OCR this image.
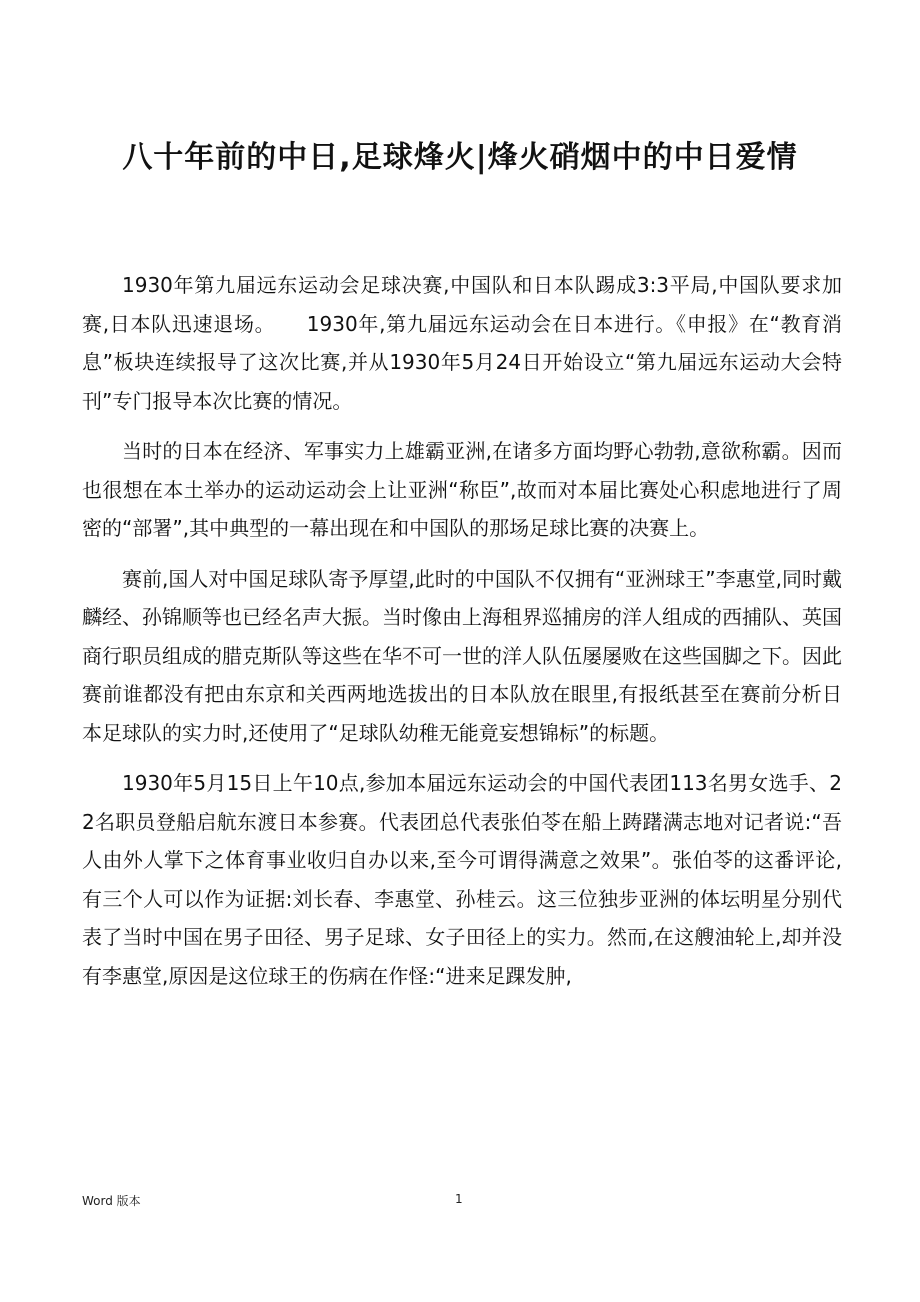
八十年前的中日,足球烽火|烽火硝烟中的中日爱情

1930年第九届远东运动会足球决赛,中国队和日本队踢成3:3平局,中国队要求加赛,日本队迅速退场。　　1930年,第九届远东运动会在日本进行。《申报》在“教育消息”板块连续报导了这次比赛,并从1930年5月24日开始设立“第九届远东运动大会特刊”专门报导本次比赛的情况。

当时的日本在经济、军事实力上雄霸亚洲,在诸多方面均野心勃勃,意欲称霸。因而也很想在本土举办的运动运动会上让亚洲“称臣”,故而对本届比赛处心积虑地进行了周密的“部署”,其中典型的一幕出现在和中国队的那场足球比赛的决赛上。

赛前,国人对中国足球队寄予厚望,此时的中国队不仅拥有“亚洲球王”李惠堂,同时戴麟经、孙锦顺等也已经名声大振。当时像由上海租界巡捕房的洋人组成的西捕队、英国商行职员组成的腊克斯队等这些在华不可一世的洋人队伍屡屡败在这些国脚之下。因此赛前谁都没有把由东京和关西两地选拔出的日本队放在眼里,有报纸甚至在赛前分析日本足球队的实力时,还使用了“足球队幼稚无能竟妄想锦标”的标题。

1930年5月15日上午10点,参加本届远东运动会的中国代表团113名男女选手、22名职员登船启航东渡日本参赛。代表团总代表张伯苓在船上踌躇满志地对记者说:“吾人由外人掌下之体育事业收归自办以来,至今可谓得满意之效果”。张伯苓的这番评论,有三个人可以作为证据:刘长春、李惠堂、孙桂云。这三位独步亚洲的体坛明星分别代表了当时中国在男子田径、男子足球、女子田径上的实力。然而,在这艘油轮上,却并没有李惠堂,原因是这位球王的伤病在作怪:“进来足踝发肿,

Word 版本	1
